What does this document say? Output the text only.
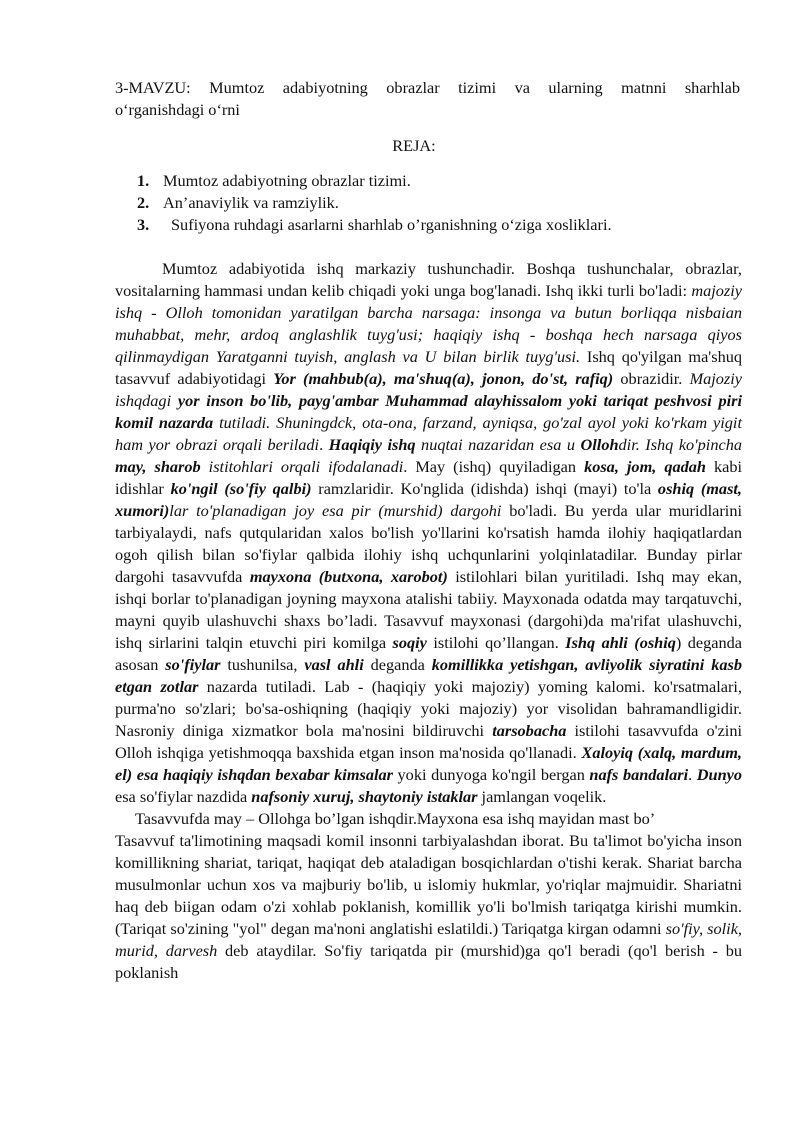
3-MAVZU: Mumtoz adabiyotning obrazlar tizimi va ularning matnni sharhlab
o‘rganishdagi o‘rni
REJA:
1. Mumtoz adabiyotning obrazlar tizimi.
2. An’anaviylik va ramziylik.
3. Sufiyona ruhdagi asarlarni sharhlab o’rganishning o‘ziga xosliklari.

Mumtoz adabiyotida ishq markaziy tushunchadir. Boshqa tushunchalar, obrazlar, vositalarning hammasi undan kelib chiqadi yoki unga bog'lanadi. Ishq ikki turli bo'ladi: majoziy ishq - Olloh tomonidan yaratilgan barcha narsaga: insonga va butun borliqqa nisbaian muhabbat, mehr, ardoq anglashlik tuyg'usi; haqiqiy ishq - boshqa hech narsaga qiyos qilinmaydigan Yaratganni tuyish, anglash va U bilan birlik tuyg'usi. Ishq qo'yilgan ma'shuq tasavvuf adabiyotidagi Yor (mahbub(a), ma'shuq(a), jonon, do'st, rafiq) obrazidir. Majoziy ishqdagi yor inson bo'lib, payg'ambar Muhammad alayhissalom yoki tariqat peshvosi piri komil nazarda tutiladi. Shuningdck, ota-ona, farzand, ayniqsa, go'zal ayol yoki ko'rkam yigit ham yor obrazi orqali beriladi. Haqiqiy ishq nuqtai nazaridan esa u Ollohdir. Ishq ko'pincha may, sharob istitohlari orqali ifodalanadi. May (ishq) quyiladigan kosa, jom, qadah kabi idishlar ko'ngil (so'fiy qalbi) ramzlaridir. Ko'nglida (idishda) ishqi (mayi) to'la oshiq (mast, xumori)lar to'planadigan joy esa pir (murshid) dargohi bo'ladi. Bu yerda ular muridlarini tarbiyalaydi, nafs qutqularidan xalos bo'lish yo'llarini ko'rsatish hamda ilohiy haqiqatlardan ogoh qilish bilan so'fiylar qalbida ilohiy ishq uchqunlarini yolqinlatadilar. Bunday pirlar dargohi tasavvufda mayxona (butxona, xarobot) istilohlari bilan yuritiladi. Ishq may ekan, ishqi borlar to'planadigan joyning mayxona atalishi tabiiy. Mayxonada odatda may tarqatuvchi, mayni quyib ulashuvchi shaxs bo’ladi. Tasavvuf mayxonasi (dargohi)da ma'rifat ulashuvchi, ishq sirlarini talqin etuvchi piri komilga soqiy istilohi qo’llangan. Ishq ahli (oshiq) deganda asosan so'fiylar tushunilsa, vasl ahli deganda komillikka yetishgan, avliyolik siyratini kasb etgan zotlar nazarda tutiladi. Lab - (haqiqiy yoki majoziy) yoming kalomi. ko'rsatmalari, purma'no so'zlari; bo'sa-oshiqning (haqiqiy yoki majoziy) yor visolidan bahramandligidir. Nasroniy diniga xizmatkor bola ma'nosini bildiruvchi tarsobacha istilohi tasavvufda o'zini Olloh ishqiga yetishmoqqa baxshida etgan inson ma'nosida qo'llanadi. Xaloyiq (xalq, mardum, el) esa haqiqiy ishqdan bexabar kimsalar yoki dunyoga ko'ngil bergan nafs bandalari. Dunyo esa so'fiylar nazdida nafsoniy xuruj, shaytoniy istaklar jamlangan voqelik.

Tasavvufda may – Ollohga bo’lgan ishqdir.Mayxona esa ishq mayidan mast bo’

Tasavvuf ta'limotining maqsadi komil insonni tarbiyalashdan iborat. Bu ta'limot bo'yicha inson komillikning shariat, tariqat, haqiqat deb ataladigan bosqichlardan o'tishi kerak. Shariat barcha musulmonlar uchun xos va majburiy bo'lib, u islomiy hukmlar, yo'riqlar majmuidir. Shariatni haq deb biigan odam o'zi xohlab poklanish, komillik yo'li bo'lmish tariqatga kirishi mumkin. (Tariqat so'zining "yol" degan ma'noni anglatishi eslatildi.) Tariqatga kirgan odamni so'fiy, solik, murid, darvesh deb ataydilar. So'fiy tariqatda pir (murshid)ga qo'l beradi (qo'l berish - bu poklanish
